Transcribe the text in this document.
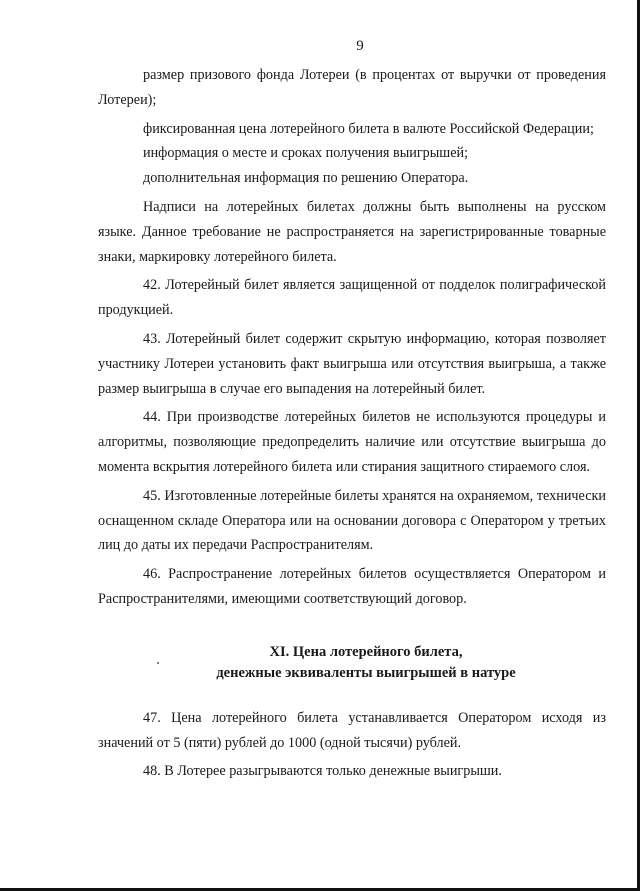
9

размер призового фонда Лотереи (в процентах от выручки от проведения Лотереи);

фиксированная цена лотерейного билета в валюте Российской Федерации;

информация о месте и сроках получения выигрышей;

дополнительная информация по решению Оператора.

Надписи на лотерейных билетах должны быть выполнены на русском языке. Данное требование не распространяется на зарегистрированные товарные знаки, маркировку лотерейного билета.

42. Лотерейный билет является защищенной от подделок полиграфической продукцией.

43. Лотерейный билет содержит скрытую информацию, которая позволяет участнику Лотереи установить факт выигрыша или отсутствия выигрыша, а также размер выигрыша в случае его выпадения на лотерейный билет.

44. При производстве лотерейных билетов не используются процедуры и алгоритмы, позволяющие предопределить наличие или отсутствие выигрыша до момента вскрытия лотерейного билета или стирания защитного стираемого слоя.

45. Изготовленные лотерейные билеты хранятся на охраняемом, технически оснащенном складе Оператора или на основании договора с Оператором у третьих лиц до даты их передачи Распространителям.

46. Распространение лотерейных билетов осуществляется Оператором и Распространителями, имеющими соответствующий договор.

XI. Цена лотерейного билета,
денежные эквиваленты выигрышей в натуре

47. Цена лотерейного билета устанавливается Оператором исходя из значений от 5 (пяти) рублей до 1000 (одной тысячи) рублей.

48. В Лотерее разыгрываются только денежные выигрыши.
